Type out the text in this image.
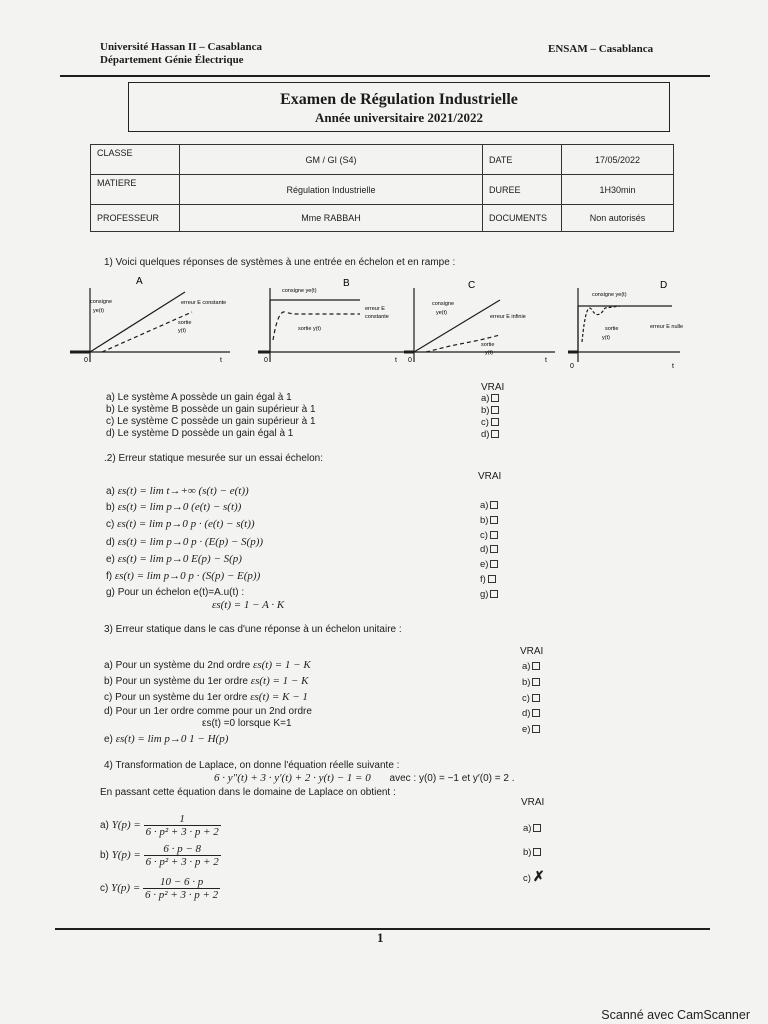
Université Hassan II – Casablanca
Département Génie Électrique
ENSAM – Casablanca
Examen de Régulation Industrielle
Année universitaire 2021/2022
CLASSE	GM / GI (S4)	DATE	17/05/2022
MATIERE	Régulation Industrielle	DUREE	1H30min
PROFESSEUR	Mme RABBAH	DOCUMENTS	Non autorisés
1) Voici quelques réponses de systèmes à une entrée en échelon et en rampe :
A	B	C	D
consigne
ye(t)
erreur E constante
sortie
y(t)
0	t
consigne ye(t)
erreur E
constante
sortie y(t)
0	t
consigne
ye(t)
erreur E infinie
sortie
y(t)
0	t
consigne ye(t)
erreur E nulle
sortie
y(t)
0	t
VRAI
a) Le système A possède un gain égal à 1
b) Le système B possède un gain supérieur à 1
c) Le système C possède un gain supérieur à 1
d) Le système D possède un gain égal à 1
a)
b)
c)
d)
.2) Erreur statique mesurée sur un essai échelon:
VRAI
a) εs(t) = lim t→+∞ (s(t) − e(t))
b) εs(t) = lim p→0 (e(t) − s(t))
c) εs(t) = lim p→0 p · (e(t) − s(t))
d) εs(t) = lim p→0 p · (E(p) − S(p))
e) εs(t) = lim p→0 E(p) − S(p)
f) εs(t) = lim p→0 p · (S(p) − E(p))
g) Pour un échelon e(t)=A.u(t) :
εs(t) = 1 − A · K
a)
b)
c)
d)
e)
f)
g)
3) Erreur statique dans le cas d'une réponse à un échelon unitaire :
VRAI
a) Pour un système du 2nd ordre εs(t) = 1 − K
b) Pour un système du 1er ordre εs(t) = 1 − K
c) Pour un système du 1er ordre εs(t) = K − 1
d) Pour un 1er ordre comme pour un 2nd ordre
εs(t) =0 lorsque K=1
e) εs(t) = lim p→0 1 − H(p)
a)
b)
c)
d)
e)
4) Transformation de Laplace, on donne l'équation réelle suivante :
6 · y″(t) + 3 · y′(t) + 2 · y(t) − 1 = 0 avec : y(0) = −1 et y′(0) = 2 .
En passant cette équation dans le domaine de Laplace on obtient :
VRAI
a) $Y(p) = \frac{1}{\text{6 · p² + 3 · p + 2}}$
b) $Y(p) = \frac{6 \cdot p - 8}{\text{6 · p² + 3 · p + 2}}$
c) $Y(p) = \frac{10 - 6 \cdot p}{\text{6 · p² + 3 · p + 2}}$
a)
b)
c) ✗
1
Scanné avec CamScanner
